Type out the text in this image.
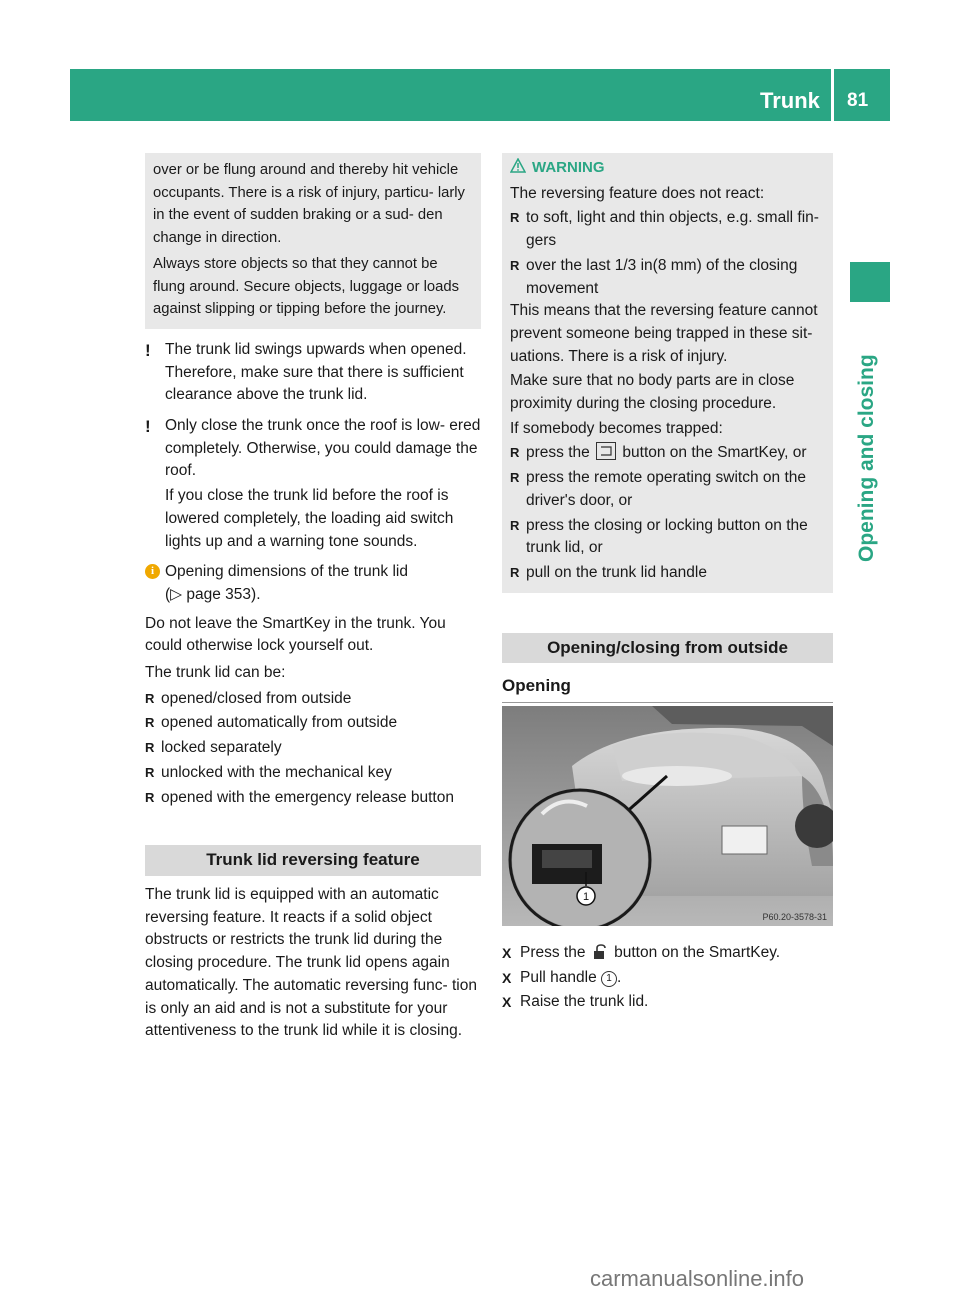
Trunk 81
Opening and closing

over or be flung around and thereby hit vehicle occupants. There is a risk of injury, particu- larly in the event of sudden braking or a sud- den change in direction.

Always store objects so that they cannot be flung around. Secure objects, luggage or loads against slipping or tipping before the journey.

! The trunk lid swings upwards when opened. Therefore, make sure that there is sufficient clearance above the trunk lid.

! Only close the trunk once the roof is low- ered completely. Otherwise, you could damage the roof.

If you close the trunk lid before the roof is lowered completely, the loading aid switch lights up and a warning tone sounds.

i Opening dimensions of the trunk lid

(▷ page 353).

Do not leave the SmartKey in the trunk. You could otherwise lock yourself out.

The trunk lid can be:

R opened/closed from outside
R opened automatically from outside
R locked separately
R unlocked with the mechanical key
R opened with the emergency release button
Trunk lid reversing feature

The trunk lid is equipped with an automatic reversing feature. It reacts if a solid object obstructs or restricts the trunk lid during the closing procedure. The trunk lid opens again automatically. The automatic reversing func- tion is only an aid and is not a substitute for your attentiveness to the trunk lid while it is closing.

WARNING

The reversing feature does not react:

R to soft, light and thin objects, e.g. small fin- gers
R over the last 1/3 in(8 mm) of the closing movement

This means that the reversing feature cannot prevent someone being trapped in these sit- uations. There is a risk of injury.

Make sure that no body parts are in close proximity during the closing procedure.

If somebody becomes trapped:

R press the button on the SmartKey, or
R press the remote operating switch on the driver's door, or
R press the closing or locking button on the trunk lid, or
R pull on the trunk lid handle
Opening/closing from outside
Opening
1
P60.20-3578-31
X Press the button on the SmartKey.
X Pull handle 1 .
X Raise the trunk lid.
carmanualsonline.info
